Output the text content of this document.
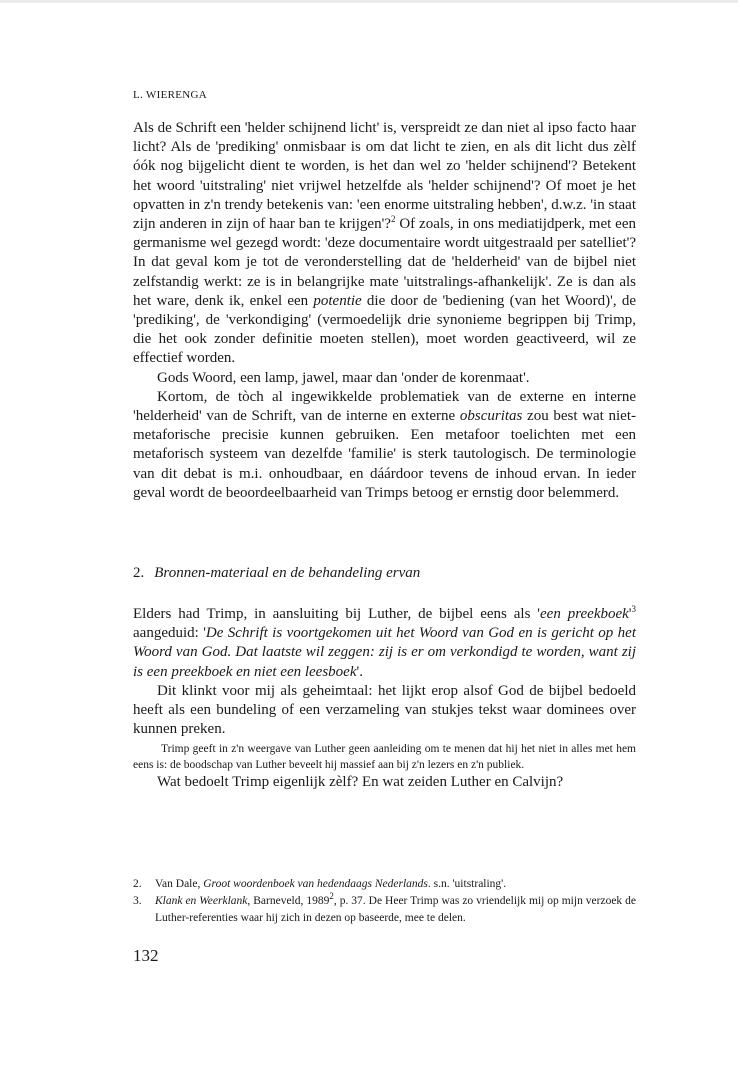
L. WIERENGA

Als de Schrift een 'helder schijnend licht' is, verspreidt ze dan niet al ipso facto haar licht? Als de 'prediking' onmisbaar is om dat licht te zien, en als dit licht dus zèlf óók nog bijgelicht dient te worden, is het dan wel zo 'helder schijnend'? Betekent het woord 'uitstraling' niet vrijwel hetzelfde als 'helder schijnend'? Of moet je het opvatten in z'n trendy betekenis van: 'een enorme uitstraling hebben', d.w.z. 'in staat zijn anderen in zijn of haar ban te krijgen'?$^2$ Of zoals, in ons mediatijdperk, met een germanisme wel gezegd wordt: 'deze documentaire wordt uitgestraald per satelliet'? In dat geval kom je tot de veronderstelling dat de 'helderheid' van de bijbel niet zelfstandig werkt: ze is in belangrijke mate 'uitstralings-afhankelijk'. Ze is dan als het ware, denk ik, enkel een potentie die door de 'bediening (van het Woord)', de 'prediking', de 'verkondiging' (vermoedelijk drie synonieme begrippen bij Trimp, die het ook zonder definitie moeten stellen), moet worden geactiveerd, wil ze effectief worden.

Gods Woord, een lamp, jawel, maar dan 'onder de korenmaat'.

Kortom, de tòch al ingewikkelde problematiek van de externe en interne 'helderheid' van de Schrift, van de interne en externe obscuritas zou best wat niet-metaforische precisie kunnen gebruiken. Een metafoor toelichten met een metaforisch systeem van dezelfde 'familie' is sterk tautologisch. De terminologie van dit debat is m.i. onhoudbaar, en dáárdoor tevens de inhoud ervan. In ieder geval wordt de beoordeelbaarheid van Trimps betoog er ernstig door belemmerd.

2. Bronnen-materiaal en de behandeling ervan

Elders had Trimp, in aansluiting bij Luther, de bijbel eens als 'een $preekboek'^3$ aangeduid: 'De Schrift is voortgekomen uit het Woord van God en is gericht op het Woord van God. Dat laatste wil zeggen: zij is er om verkondigd te worden, want zij is een preekboek en niet een leesboek'.

Dit klinkt voor mij als geheimtaal: het lijkt erop alsof God de bijbel bedoeld heeft als een bundeling of een verzameling van stukjes tekst waar dominees over kunnen preken.

Trimp geeft in z'n weergave van Luther geen aanleiding om te menen dat hij het niet in alles met hem eens is: de boodschap van Luther beveelt hij massief aan bij z'n lezers en z'n publiek.

Wat bedoelt Trimp eigenlijk zèlf? En wat zeiden Luther en Calvijn?

2.	Van Dale, Groot woordenboek van hedendaags Nederlands. s.n. 'uitstraling'.
3.	Klank en Weerklank, Barneveld, 1989$^2$, p. 37. De Heer Trimp was zo vriendelijk mij op mijn verzoek de Luther-referenties waar hij zich in dezen op baseerde, mee te delen.
132
